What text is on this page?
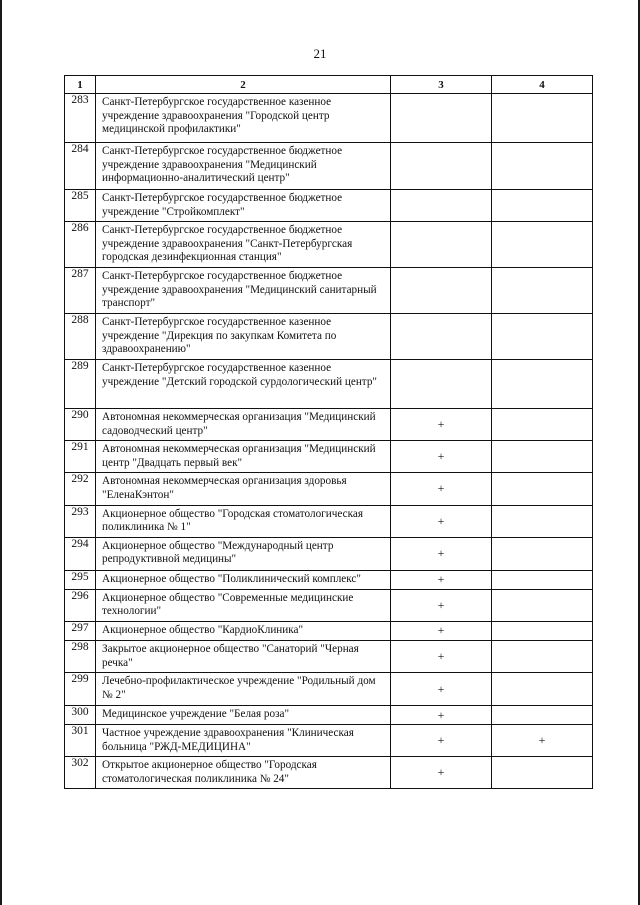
21
1	2	3	4
283	Санкт-Петербургское государственное казенное учреждение здравоохранения "Городской центр медицинской профилактики"		
284	Санкт-Петербургское государственное бюджетное учреждение здравоохранения "Медицинский информационно-аналитический центр"		
285	Санкт-Петербургское государственное бюджетное учреждение "Стройкомплект"		
286	Санкт-Петербургское государственное бюджетное учреждение здравоохранения "Санкт-Петербургская городская дезинфекционная станция"		
287	Санкт-Петербургское государственное бюджетное учреждение здравоохранения "Медицинский санитарный транспорт"		
288	Санкт-Петербургское государственное казенное учреждение "Дирекция по закупкам Комитета по здравоохранению"		
289	Санкт-Петербургское государственное казенное учреждение "Детский городской сурдологический центр"		
290	Автономная некоммерческая организация "Медицинский садоводческий центр"	+	
291	Автономная некоммерческая организация "Медицинский центр "Двадцать первый век"	+	
292	Автономная некоммерческая организация здоровья "ЕленаКэнтон"	+	
293	Акционерное общество "Городская стоматологическая поликлиника № 1"	+	
294	Акционерное общество "Международный центр репродуктивной медицины"	+	
295	Акционерное общество "Поликлинический комплекс"	+	
296	Акционерное общество "Современные медицинские технологии"	+	
297	Акционерное общество "КардиоКлиника"	+	
298	Закрытое акционерное общество "Санаторий "Черная речка"	+	
299	Лечебно-профилактическое учреждение "Родильный дом № 2"	+	
300	Медицинское учреждение "Белая роза"	+	
301	Частное учреждение здравоохранения "Клиническая больница "РЖД-МЕДИЦИНА"	+	+
302	Открытое акционерное общество "Городская стоматологическая поликлиника № 24"	+	
